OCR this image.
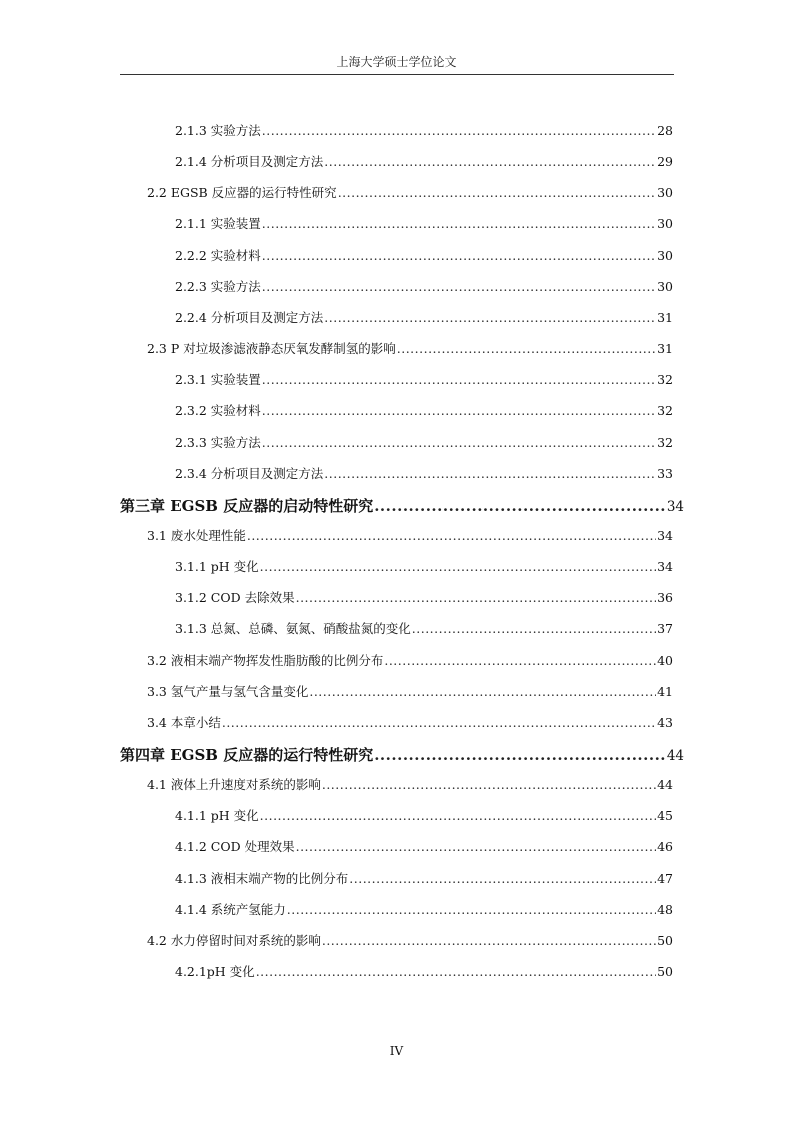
上海大学硕士学位论文
2.1.3 实验方法 .....	28
2.1.4 分析项目及测定方法 .....	29
2.2 EGSB 反应器的运行特性研究 .....	30
2.1.1 实验装置 .....	30
2.2.2 实验材料 .....	30
2.2.3 实验方法 .....	30
2.2.4 分析项目及测定方法 .....	31
2.3 P 对垃圾渗滤液静态厌氧发酵制氢的影响 .....	31
2.3.1 实验装置 .....	32
2.3.2 实验材料 .....	32
2.3.3 实验方法 .....	32
2.3.4 分析项目及测定方法 .....	33
第三章 EGSB 反应器的启动特性研究 .....	34
3.1 废水处理性能 .....	34
3.1.1 pH 变化 .....	34
3.1.2 COD 去除效果 .....	36
3.1.3 总氮、总磷、氨氮、硝酸盐氮的变化 .....	37
3.2 液相末端产物挥发性脂肪酸的比例分布 .....	40
3.3 氢气产量与氢气含量变化 .....	41
3.4 本章小结 .....	43
第四章 EGSB 反应器的运行特性研究 .....	44
4.1 液体上升速度对系统的影响 .....	44
4.1.1 pH 变化 .....	45
4.1.2 COD 处理效果 .....	46
4.1.3 液相末端产物的比例分布 .....	47
4.1.4 系统产氢能力 .....	48
4.2 水力停留时间对系统的影响 .....	50
4.2.1pH 变化 .....	50
IV
